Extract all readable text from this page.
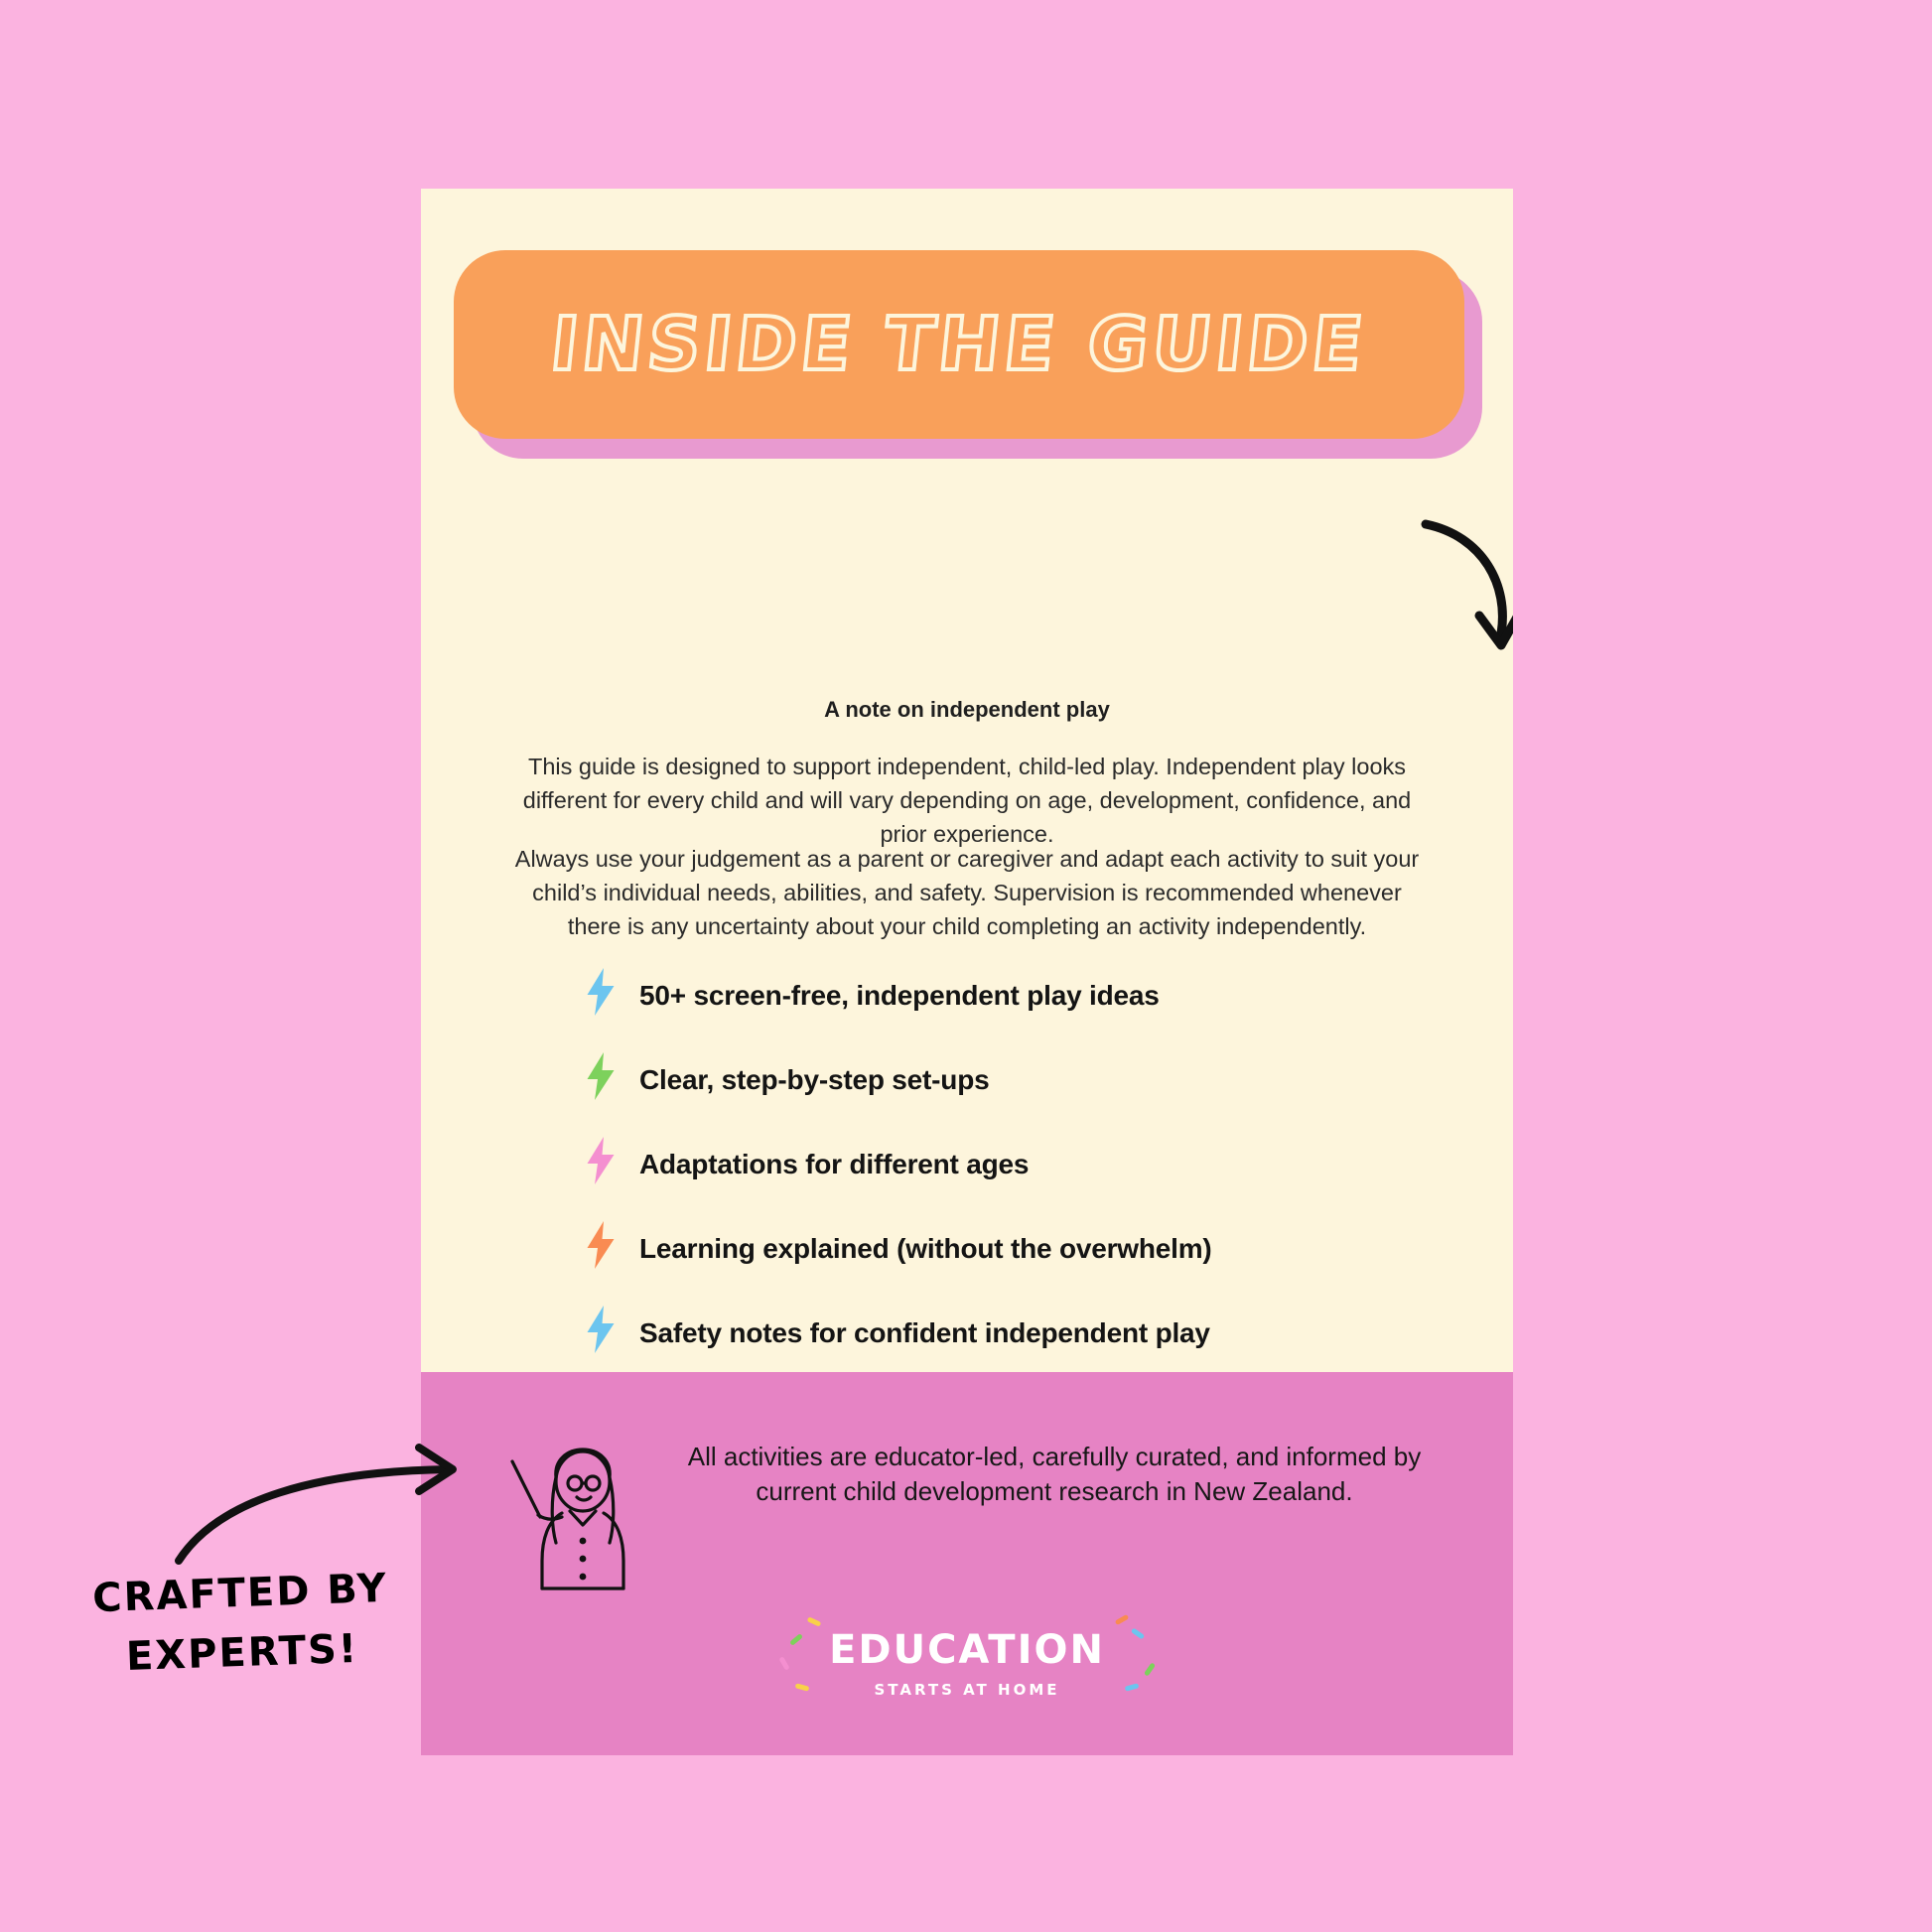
INSIDE THE GUIDE
A note on independent play
This guide is designed to support independent, child-led play. Independent play looks different for every child and will vary depending on age, development, confidence, and prior experience.
Always use your judgement as a parent or caregiver and adapt each activity to suit your child’s individual needs, abilities, and safety. Supervision is recommended whenever there is any uncertainty about your child completing an activity independently.
50+ screen-free, independent play ideas
Clear, step-by-step set-ups
Adaptations for different ages
Learning explained (without the overwhelm)
Safety notes for confident independent play
All activities are educator-led, carefully curated, and informed by current child development research in New Zealand.
EDUCATION
STARTS AT HOME
CRAFTED BY EXPERTS!
